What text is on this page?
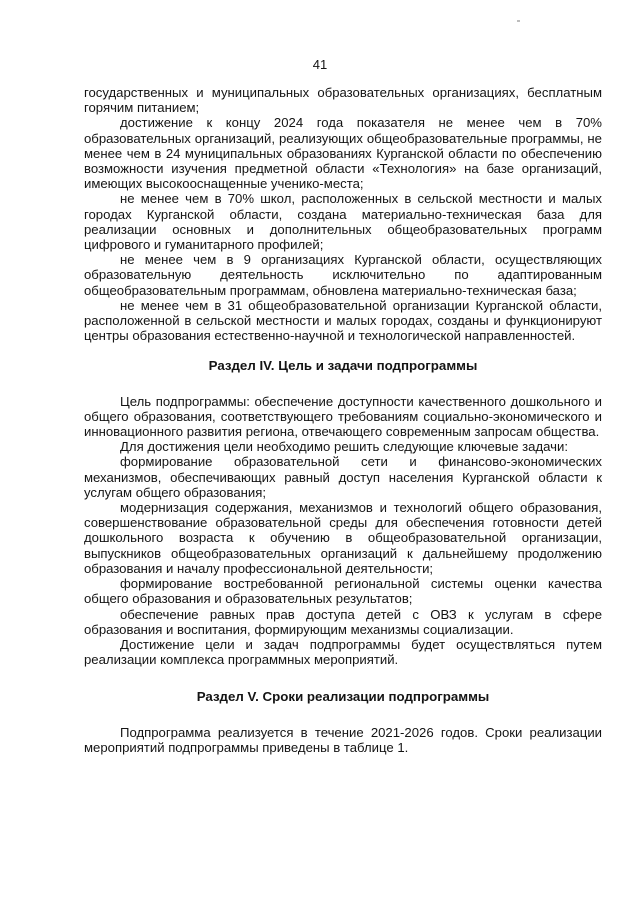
41

государственных и муниципальных образовательных организациях, бесплатным горячим питанием;

достижение к концу 2024 года показателя не менее чем в 70% образовательных организаций, реализующих общеобразовательные программы, не менее чем в 24 муниципальных образованиях Курганской области по обеспечению возможности изучения предметной области «Технология» на базе организаций, имеющих высокооснащенные ученико-места;

не менее чем в 70% школ, расположенных в сельской местности и малых городах Курганской области, создана материально-техническая база для реализации основных и дополнительных общеобразовательных программ цифрового и гуманитарного профилей;

не менее чем в 9 организациях Курганской области, осуществляющих образовательную деятельность исключительно по адаптированным общеобразовательным программам, обновлена материально-техническая база;

не менее чем в 31 общеобразовательной организации Курганской области, расположенной в сельской местности и малых городах, созданы и функционируют центры образования естественно-научной и технологической направленностей.

Раздел IV. Цель и задачи подпрограммы

Цель подпрограммы: обеспечение доступности качественного дошкольного и общего образования, соответствующего требованиям социально-экономического и инновационного развития региона, отвечающего современным запросам общества.

Для достижения цели необходимо решить следующие ключевые задачи:

формирование образовательной сети и финансово-экономических механизмов, обеспечивающих равный доступ населения Курганской области к услугам общего образования;

модернизация содержания, механизмов и технологий общего образования, совершенствование образовательной среды для обеспечения готовности детей дошкольного возраста к обучению в общеобразовательной организации, выпускников общеобразовательных организаций к дальнейшему продолжению образования и началу профессиональной деятельности;

формирование востребованной региональной системы оценки качества общего образования и образовательных результатов;

обеспечение равных прав доступа детей с ОВЗ к услугам в сфере образования и воспитания, формирующим механизмы социализации.

Достижение цели и задач подпрограммы будет осуществляться путем реализации комплекса программных мероприятий.

Раздел V. Сроки реализации подпрограммы

Подпрограмма реализуется в течение 2021-2026 годов. Сроки реализации мероприятий подпрограммы приведены в таблице 1.
